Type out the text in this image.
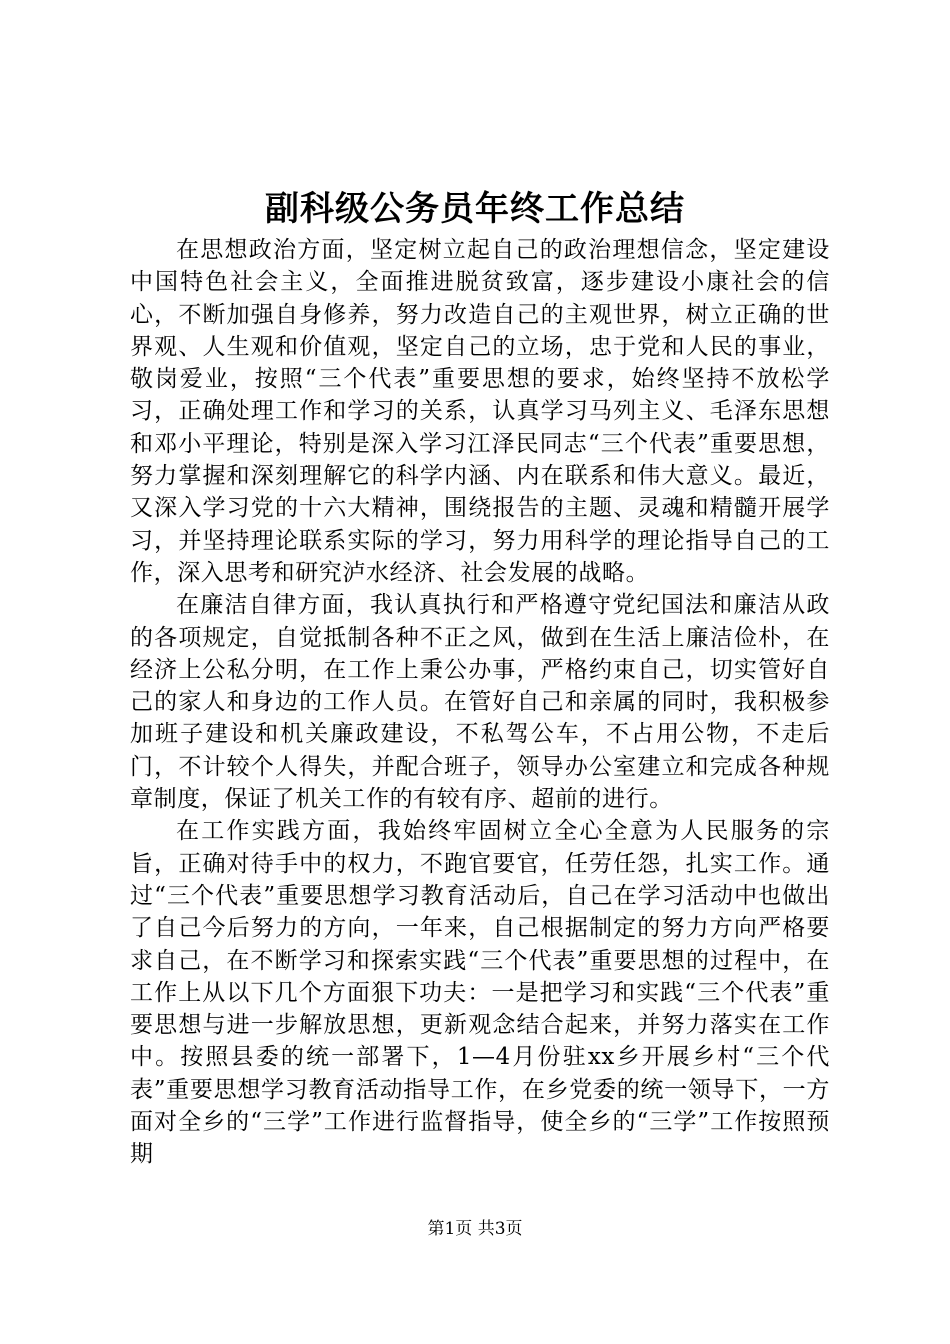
副科级公务员年终工作总结

在思想政治方面，坚定树立起自己的政治理想信念，坚定建设中国特色社会主义，全面推进脱贫致富，逐步建设小康社会的信心，不断加强自身修养，努力改造自己的主观世界，树立正确的世界观、人生观和价值观，坚定自己的立场，忠于党和人民的事业，敬岗爱业，按照“三个代表”重要思想的要求，始终坚持不放松学习，正确处理工作和学习的关系，认真学习马列主义、毛泽东思想和邓小平理论，特别是深入学习江泽民同志“三个代表”重要思想，努力掌握和深刻理解它的科学内涵、内在联系和伟大意义。最近，又深入学习党的十六大精神，围绕报告的主题、灵魂和精髓开展学习，并坚持理论联系实际的学习，努力用科学的理论指导自己的工作，深入思考和研究泸水经济、社会发展的战略。

在廉洁自律方面，我认真执行和严格遵守党纪国法和廉洁从政的各项规定，自觉抵制各种不正之风，做到在生活上廉洁俭朴，在经济上公私分明，在工作上秉公办事，严格约束自己，切实管好自己的家人和身边的工作人员。在管好自己和亲属的同时，我积极参加班子建设和机关廉政建设，不私驾公车，不占用公物，不走后门，不计较个人得失，并配合班子，领导办公室建立和完成各种规章制度，保证了机关工作的有较有序、超前的进行。

在工作实践方面，我始终牢固树立全心全意为人民服务的宗旨，正确对待手中的权力，不跑官要官，任劳任怨，扎实工作。通过“三个代表”重要思想学习教育活动后，自己在学习活动中也做出了自己今后努力的方向，一年来，自己根据制定的努力方向严格要求自己，在不断学习和探索实践“三个代表”重要思想的过程中，在工作上从以下几个方面狠下功夫：一是把学习和实践“三个代表”重要思想与进一步解放思想，更新观念结合起来，并努力落实在工作中。按照县委的统一部署下，1—4月份驻xx乡开展乡村“三个代表”重要思想学习教育活动指导工作，在乡党委的统一领导下，一方面对全乡的“三学”工作进行监督指导，使全乡的“三学”工作按照预期

第1页 共3页
